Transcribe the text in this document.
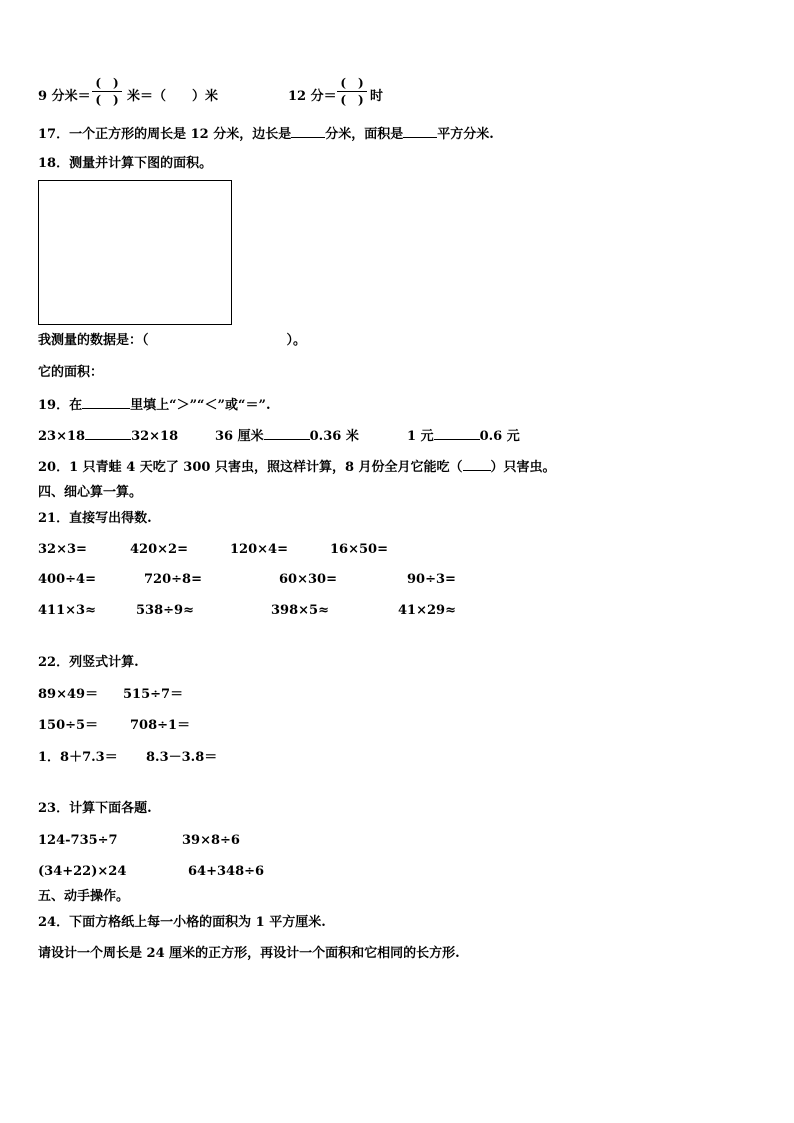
9 分米＝
(　)
(　) 米＝（　　）米	12 分＝
(　)
(　) 时
17．一个正方形的周长是 12 分米，边长是	分米，面积是	平方分米.
18．测量并计算下图的面积。
我测量的数据是：（	）。
它的面积：
19．在	里填上“＞”“＜”或“＝”.
23×18	32×18	36 厘米	0.36 米	1 元	0.6 元
20．1 只青蛙 4 天吃了 300 只害虫，照这样计算，8 月份全月它能吃（ ）只害虫。
四、细心算一算。
21．直接写出得数.
32×3=	420×2=	120×4=	16×50=
400÷4=	720÷8=	60×30=	90÷3=
411×3≈	538÷9≈	398×5≈	41×29≈
22．列竖式计算.
89×49＝ 515÷7＝
150÷5＝ 708÷1＝
1．8＋7.3＝ 8.3－3.8＝
23．计算下面各题.
124-735÷7	39×8÷6
(34+22)×24	64+348÷6
五、动手操作。
24．下面方格纸上每一小格的面积为 1 平方厘米.
请设计一个周长是 24 厘米的正方形，再设计一个面积和它相同的长方形.
